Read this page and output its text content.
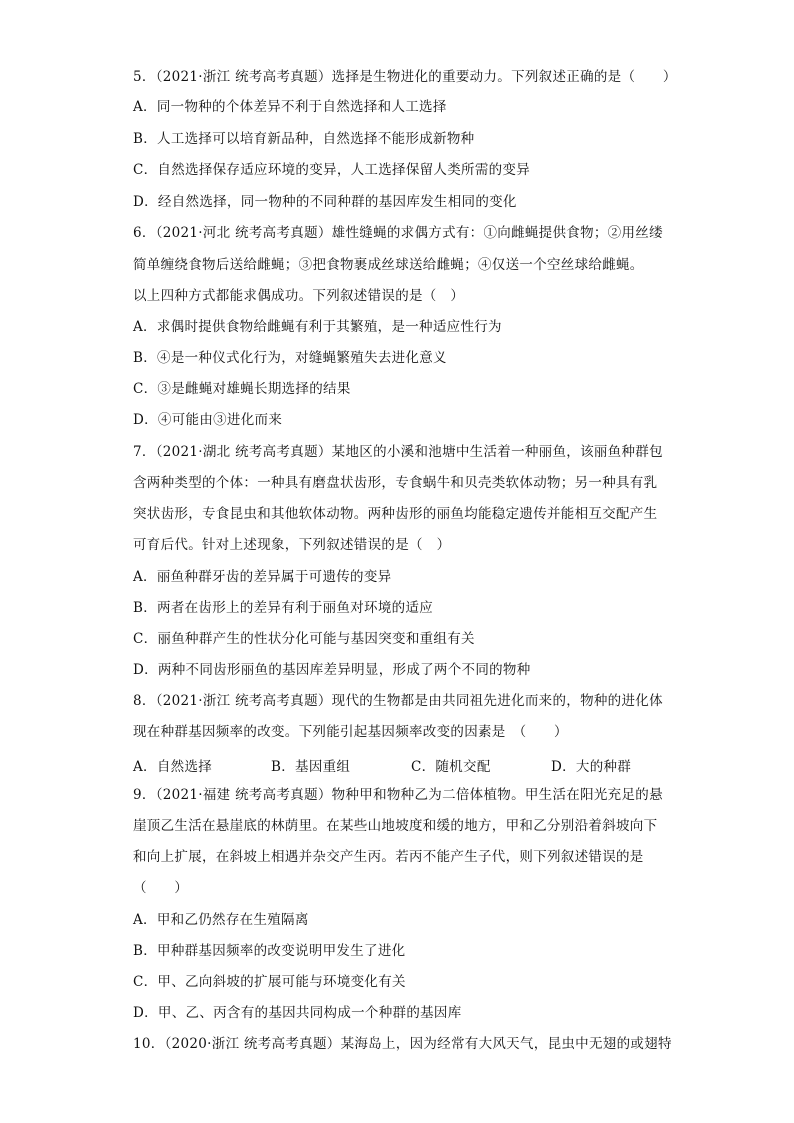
5．（2021·浙江 统考高考真题）选择是生物进化的重要动力。下列叙述正确的是（　　）
A．同一物种的个体差异不利于自然选择和人工选择
B．人工选择可以培育新品种，自然选择不能形成新物种
C．自然选择保存适应环境的变异，人工选择保留人类所需的变异
D．经自然选择，同一物种的不同种群的基因库发生相同的变化
6．（2021·河北 统考高考真题）雄性缝蝇的求偶方式有：①向雌蝇提供食物；②用丝缕
简单缠绕食物后送给雌蝇；③把食物裹成丝球送给雌蝇；④仅送一个空丝球给雌蝇。
以上四种方式都能求偶成功。下列叙述错误的是（　）
A．求偶时提供食物给雌蝇有利于其繁殖，是一种适应性行为
B．④是一种仪式化行为，对缝蝇繁殖失去进化意义
C．③是雌蝇对雄蝇长期选择的结果
D．④可能由③进化而来
7．（2021·湖北 统考高考真题）某地区的小溪和池塘中生活着一种丽鱼，该丽鱼种群包
含两种类型的个体：一种具有磨盘状齿形，专食蜗牛和贝壳类软体动物；另一种具有乳
突状齿形，专食昆虫和其他软体动物。两种齿形的丽鱼均能稳定遗传并能相互交配产生
可育后代。针对上述现象，下列叙述错误的是（　）
A．丽鱼种群牙齿的差异属于可遗传的变异
B．两者在齿形上的差异有利于丽鱼对环境的适应
C．丽鱼种群产生的性状分化可能与基因突变和重组有关
D．两种不同齿形丽鱼的基因库差异明显，形成了两个不同的物种
8．（2021·浙江 统考高考真题）现代的生物都是由共同祖先进化而来的，物种的进化体
现在种群基因频率的改变。下列能引起基因频率改变的因素是　（　　）
A．自然选择	B．基因重组	C．随机交配	D．大的种群
9．（2021·福建 统考高考真题）物种甲和物种乙为二倍体植物。甲生活在阳光充足的悬
崖顶乙生活在悬崖底的林荫里。在某些山地坡度和缓的地方，甲和乙分别沿着斜坡向下
和向上扩展，在斜坡上相遇并杂交产生丙。若丙不能产生子代，则下列叙述错误的是
（　　）
A．甲和乙仍然存在生殖隔离
B．甲种群基因频率的改变说明甲发生了进化
C．甲、乙向斜坡的扩展可能与环境变化有关
D．甲、乙、丙含有的基因共同构成一个种群的基因库
10．（2020·浙江 统考高考真题）某海岛上，因为经常有大风天气，昆虫中无翅的或翅特
